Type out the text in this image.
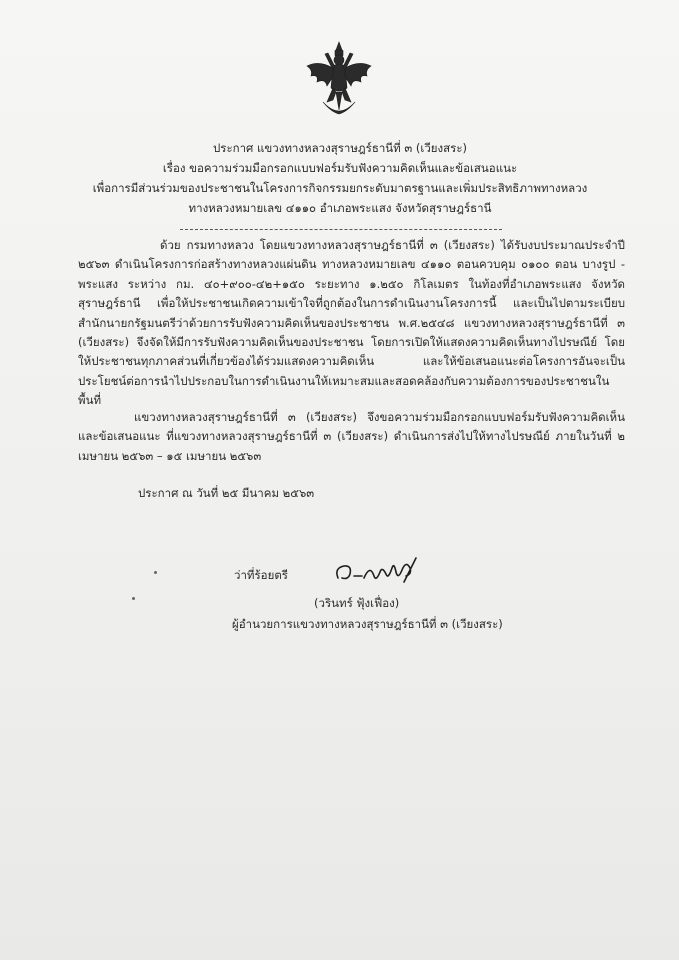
ประกาศ แขวงทางหลวงสุราษฎร์ธานีที่ ๓ (เวียงสระ)
เรื่อง ขอความร่วมมือกรอกแบบฟอร์มรับฟังความคิดเห็นและข้อเสนอแนะ
เพื่อการมีส่วนร่วมของประชาชนในโครงการกิจกรรมยกระดับมาตรฐานและเพิ่มประสิทธิภาพทางหลวง
ทางหลวงหมายเลข ๔๑๑๐ อำเภอพระแสง จังหวัดสุราษฎร์ธานี
ด้วย กรมทางหลวง โดยแขวงทางหลวงสุราษฎร์ธานีที่ ๓ (เวียงสระ) ได้รับงบประมาณประจำปี ๒๕๖๓ ดำเนินโครงการก่อสร้างทางหลวงแผ่นดิน ทางหลวงหมายเลข ๔๑๑๐ ตอนควบคุม ๐๑๐๐ ตอน บางรูป - พระแสง ระหว่าง กม. ๔๐+๙๐๐-๔๒+๑๕๐ ระยะทาง ๑.๒๕๐ กิโลเมตร ในท้องที่อำเภอพระแสง จังหวัดสุราษฎร์ธานี เพื่อให้ประชาชนเกิดความเข้าใจที่ถูกต้องในการดำเนินงานโครงการนี้ และเป็นไปตามระเบียบสำนักนายกรัฐมนตรีว่าด้วยการรับฟังความคิดเห็นของประชาชน พ.ศ.๒๕๔๘ แขวงทางหลวงสุราษฎร์ธานีที่ ๓ (เวียงสระ) จึงจัดให้มีการรับฟังความคิดเห็นของประชาชน โดยการเปิดให้แสดงความคิดเห็นทางไปรษณีย์ โดยให้ประชาชนทุกภาคส่วนที่เกี่ยวข้องได้ร่วมแสดงความคิดเห็น และให้ข้อเสนอแนะต่อโครงการอันจะเป็นประโยชน์ต่อการนำไปประกอบในการดำเนินงานให้เหมาะสมและสอดคล้องกับความต้องการของประชาชนในพื้นที่
แขวงทางหลวงสุราษฎร์ธานีที่ ๓ (เวียงสระ) จึงขอความร่วมมือกรอกแบบฟอร์มรับฟังความคิดเห็นและข้อเสนอแนะ ที่แขวงทางหลวงสุราษฎร์ธานีที่ ๓ (เวียงสระ) ดำเนินการส่งไปให้ทางไปรษณีย์ ภายในวันที่ ๒ เมษายน ๒๕๖๓ – ๑๕ เมษายน ๒๕๖๓
ประกาศ ณ วันที่ ๒๕ มีนาคม ๒๕๖๓
ว่าที่ร้อยตรี
(วรินทร์ ฟุ้งเฟื่อง)
ผู้อำนวยการแขวงทางหลวงสุราษฎร์ธานีที่ ๓ (เวียงสระ)
